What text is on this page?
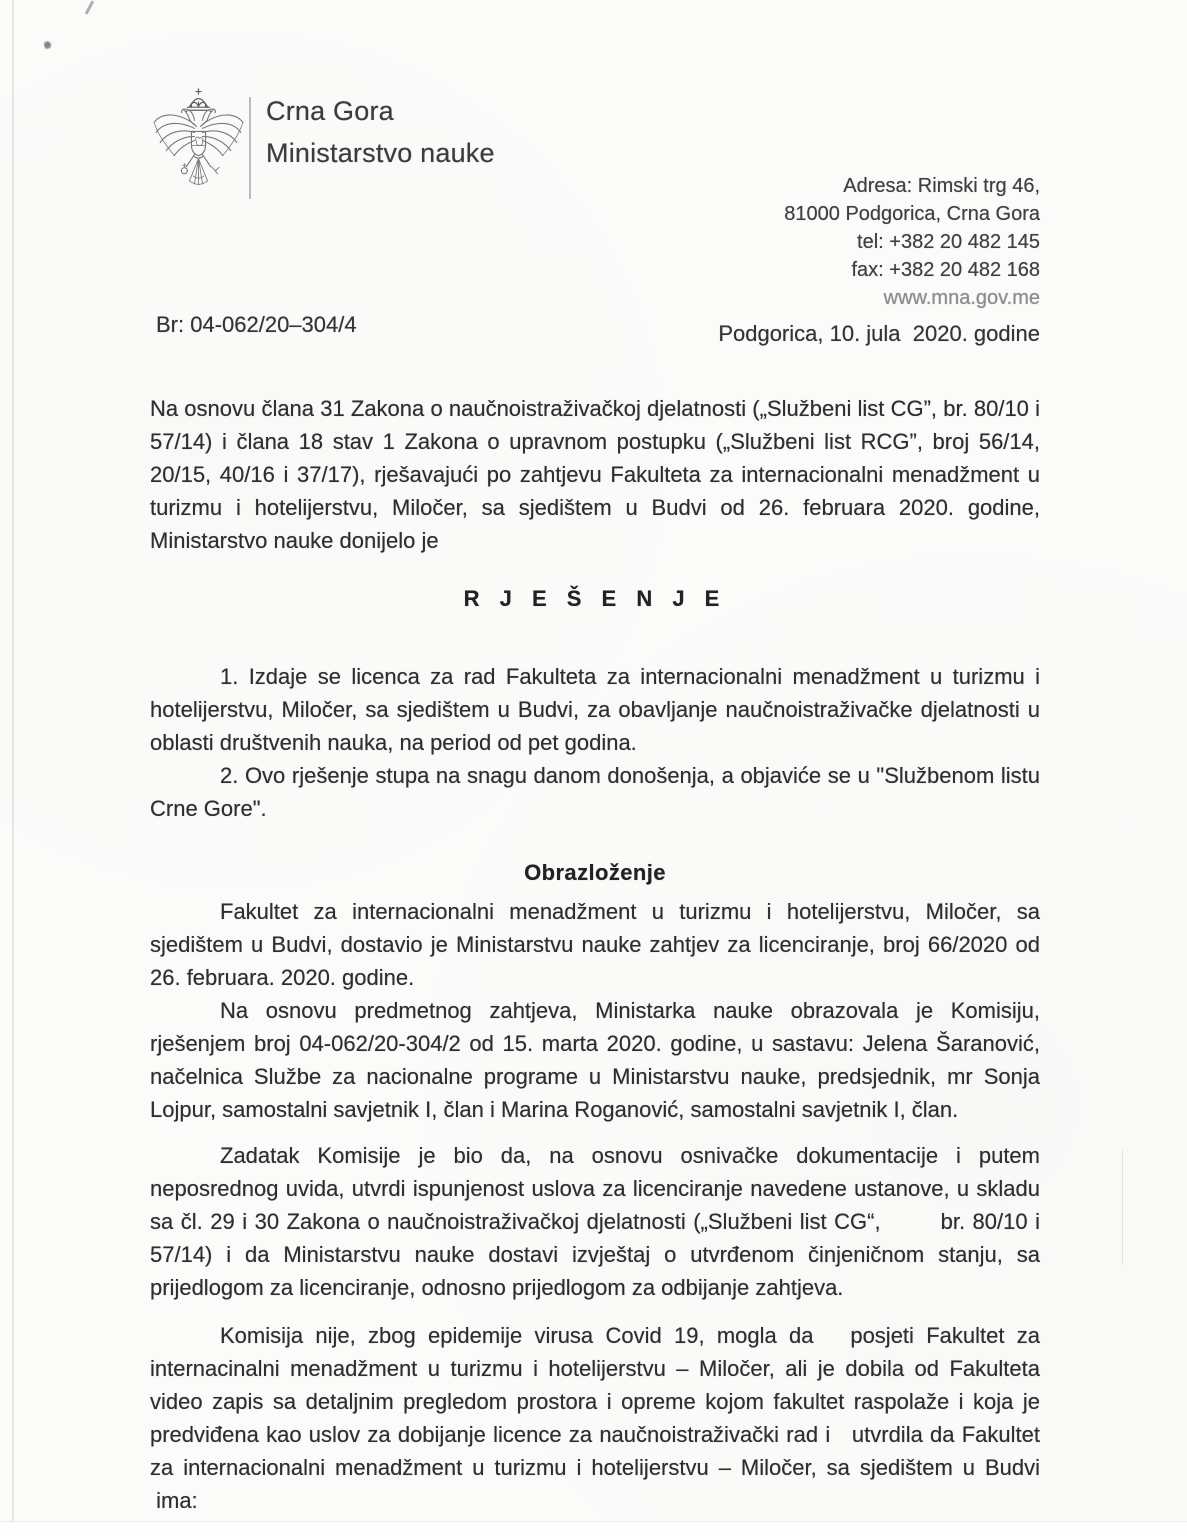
Crna Gora
Ministarstvo nauke
Adresa: Rimski trg 46,
81000 Podgorica, Crna Gora
tel: +382 20 482 145
fax: +382 20 482 168
www.mna.gov.me
Br: 04-062/20–304/4	Podgorica, 10. jula  2020. godine
Na osnovu člana 31 Zakona o naučnoistraživačkoj djelatnosti („Službeni list CG”, br. 80/10 i 57/14) i člana 18 stav 1 Zakona o upravnom postupku („Službeni list RCG”, broj 56/14, 20/15, 40/16 i 37/17), rješavajući po zahtjevu Fakulteta za internacionalni menadžment u turizmu i hotelijerstvu, Miločer, sa sjedištem u Budvi od 26. februara 2020. godine, Ministarstvo nauke donijelo je
R J E Š E N J E
1. Izdaje se licenca za rad Fakulteta za internacionalni menadžment u turizmu i hotelijerstvu, Miločer, sa sjedištem u Budvi, za obavljanje naučnoistraživačke djelatnosti u oblasti društvenih nauka, na period od pet godina.
2. Ovo rješenje stupa na snagu danom donošenja, a objaviće se u "Službenom listu Crne Gore".
Obrazloženje
Fakultet za internacionalni menadžment u turizmu i hotelijerstvu, Miločer, sa sjedištem u Budvi, dostavio je Ministarstvu nauke zahtjev za licenciranje, broj 66/2020 od 26. februara. 2020. godine.
Na osnovu predmetnog zahtjeva, Ministarka nauke obrazovala je Komisiju, rješenjem broj 04-062/20-304/2 od 15. marta 2020. godine, u sastavu: Jelena Šaranović, načelnica Službe za nacionalne programe u Ministarstvu nauke, predsjednik, mr Sonja Lojpur, samostalni savjetnik I, član i Marina Roganović, samostalni savjetnik I, član.
Zadatak Komisije je bio da, na osnovu osnivačke dokumentacije i putem neposrednog uvida, utvrdi ispunjenost uslova za licenciranje navedene ustanove, u skladu sa čl. 29 i 30 Zakona o naučnoistraživačkoj djelatnosti („Službeni list CG“,        br. 80/10 i 57/14) i da Ministarstvu nauke dostavi izvještaj o utvrđenom činjeničnom stanju, sa prijedlogom za licenciranje, odnosno prijedlogom za odbijanje zahtjeva.
Komisija nije, zbog epidemije virusa Covid 19, mogla da   posjeti Fakultet za internacinalni menadžment u turizmu i hotelijerstvu – Miločer, ali je dobila od Fakulteta video zapis sa detaljnim pregledom prostora i opreme kojom fakultet raspolaže i koja je predviđena kao uslov za dobijanje licence za naučnoistraživački rad i   utvrdila da Fakultet za internacionalni menadžment u turizmu i hotelijerstvu – Miločer, sa sjedištem u Budvi  ima:
